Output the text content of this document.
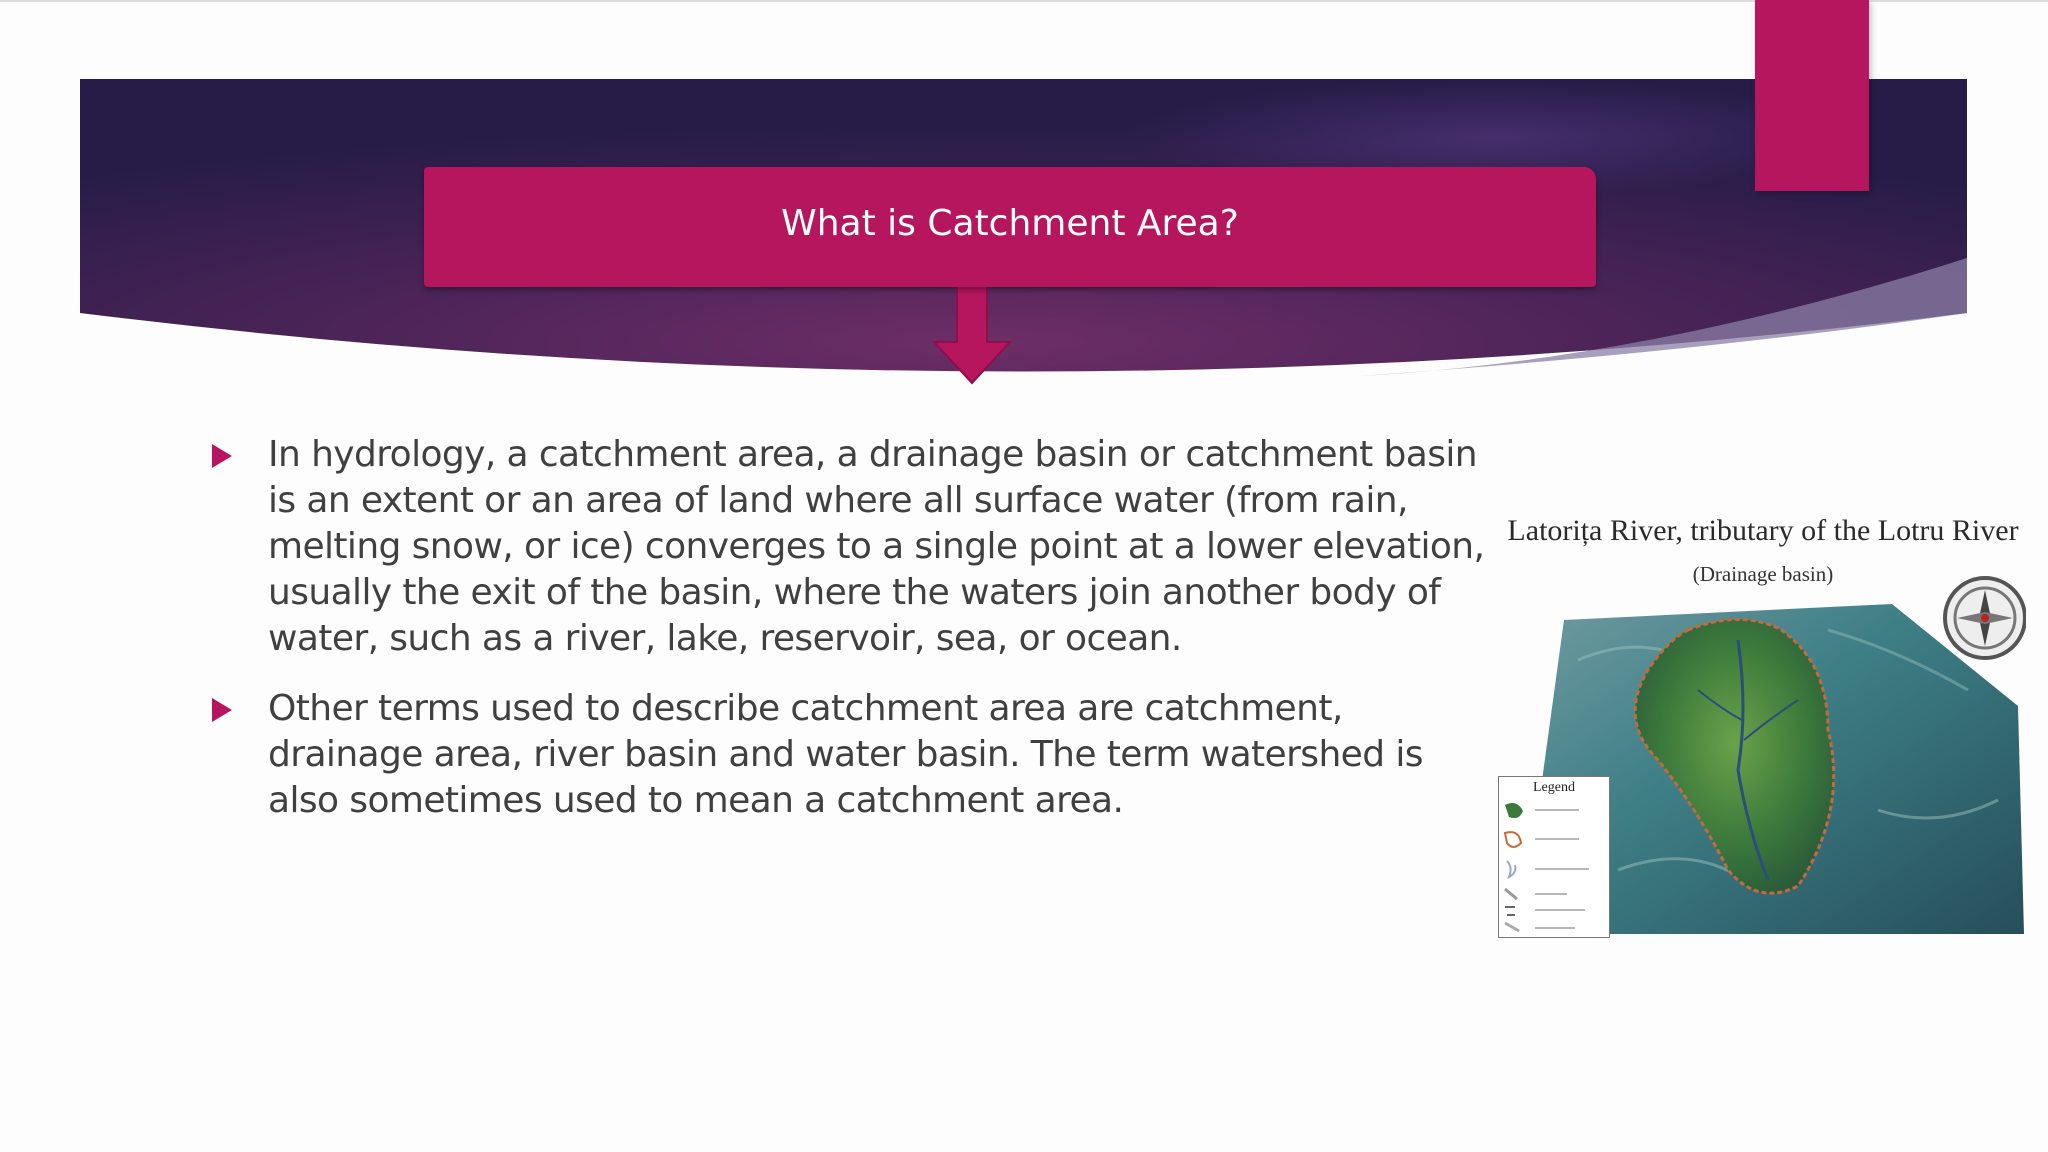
What is Catchment Area?
In hydrology, a catchment area, a drainage basin or catchment basin is an extent or an area of land where all surface water (from rain, melting snow, or ice) converges to a single point at a lower elevation, usually the exit of the basin, where the waters join another body of water, such as a river, lake, reservoir, sea, or ocean.
Other terms used to describe catchment area are catchment, drainage area, river basin and water basin. The term watershed is also sometimes used to mean a catchment area.
Latorița River, tributary of the Lotru River
(Drainage basin)
Legend
